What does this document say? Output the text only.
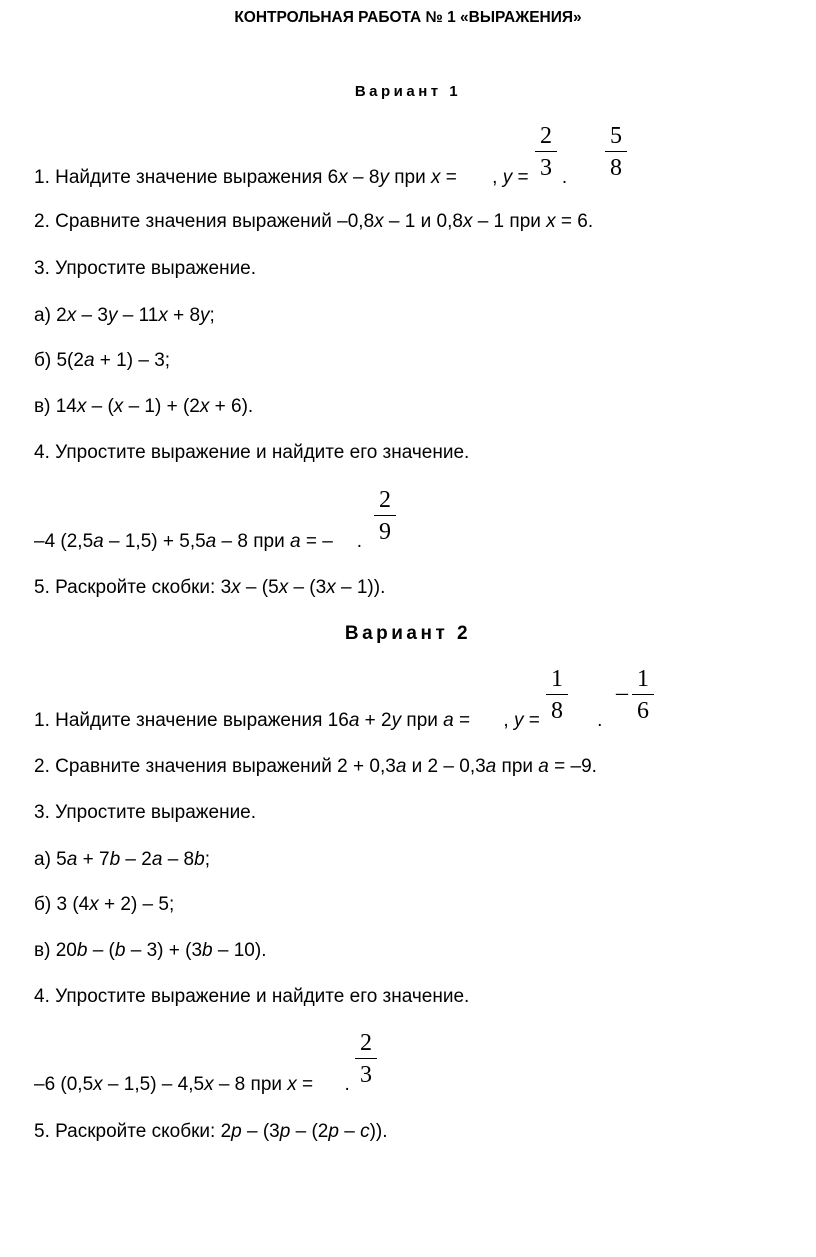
КОНТРОЛЬНАЯ РАБОТА № 1 «ВЫРАЖЕНИЯ»
Вариант 1
1. Найдите значение выражения 6x – 8y при x = , y = .
2
3
5
8
2. Сравните значения выражений –0,8x – 1 и 0,8x – 1 при x = 6.
3. Упростите выражение.
а) 2x – 3y – 11x + 8y;
б) 5(2a + 1) – 3;
в) 14x – (x – 1) + (2x + 6).
4. Упростите выражение и найдите его значение.
–4 (2,5a – 1,5) + 5,5a – 8 при a = – .
2
9
5. Раскройте скобки: 3x – (5x – (3x – 1)).
Вариант 2
1. Найдите значение выражения 16a + 2y при a = , y =	.
1
8
–
1
6
2. Сравните значения выражений 2 + 0,3a и 2 – 0,3a при a = –9.
3. Упростите выражение.
а) 5a + 7b – 2a – 8b;
б) 3 (4x + 2) – 5;
в) 20b – (b – 3) + (3b – 10).
4. Упростите выражение и найдите его значение.
–6 (0,5x – 1,5) – 4,5x – 8 при x = .
2
3
5. Раскройте скобки: 2p – (3p – (2p – c)).
